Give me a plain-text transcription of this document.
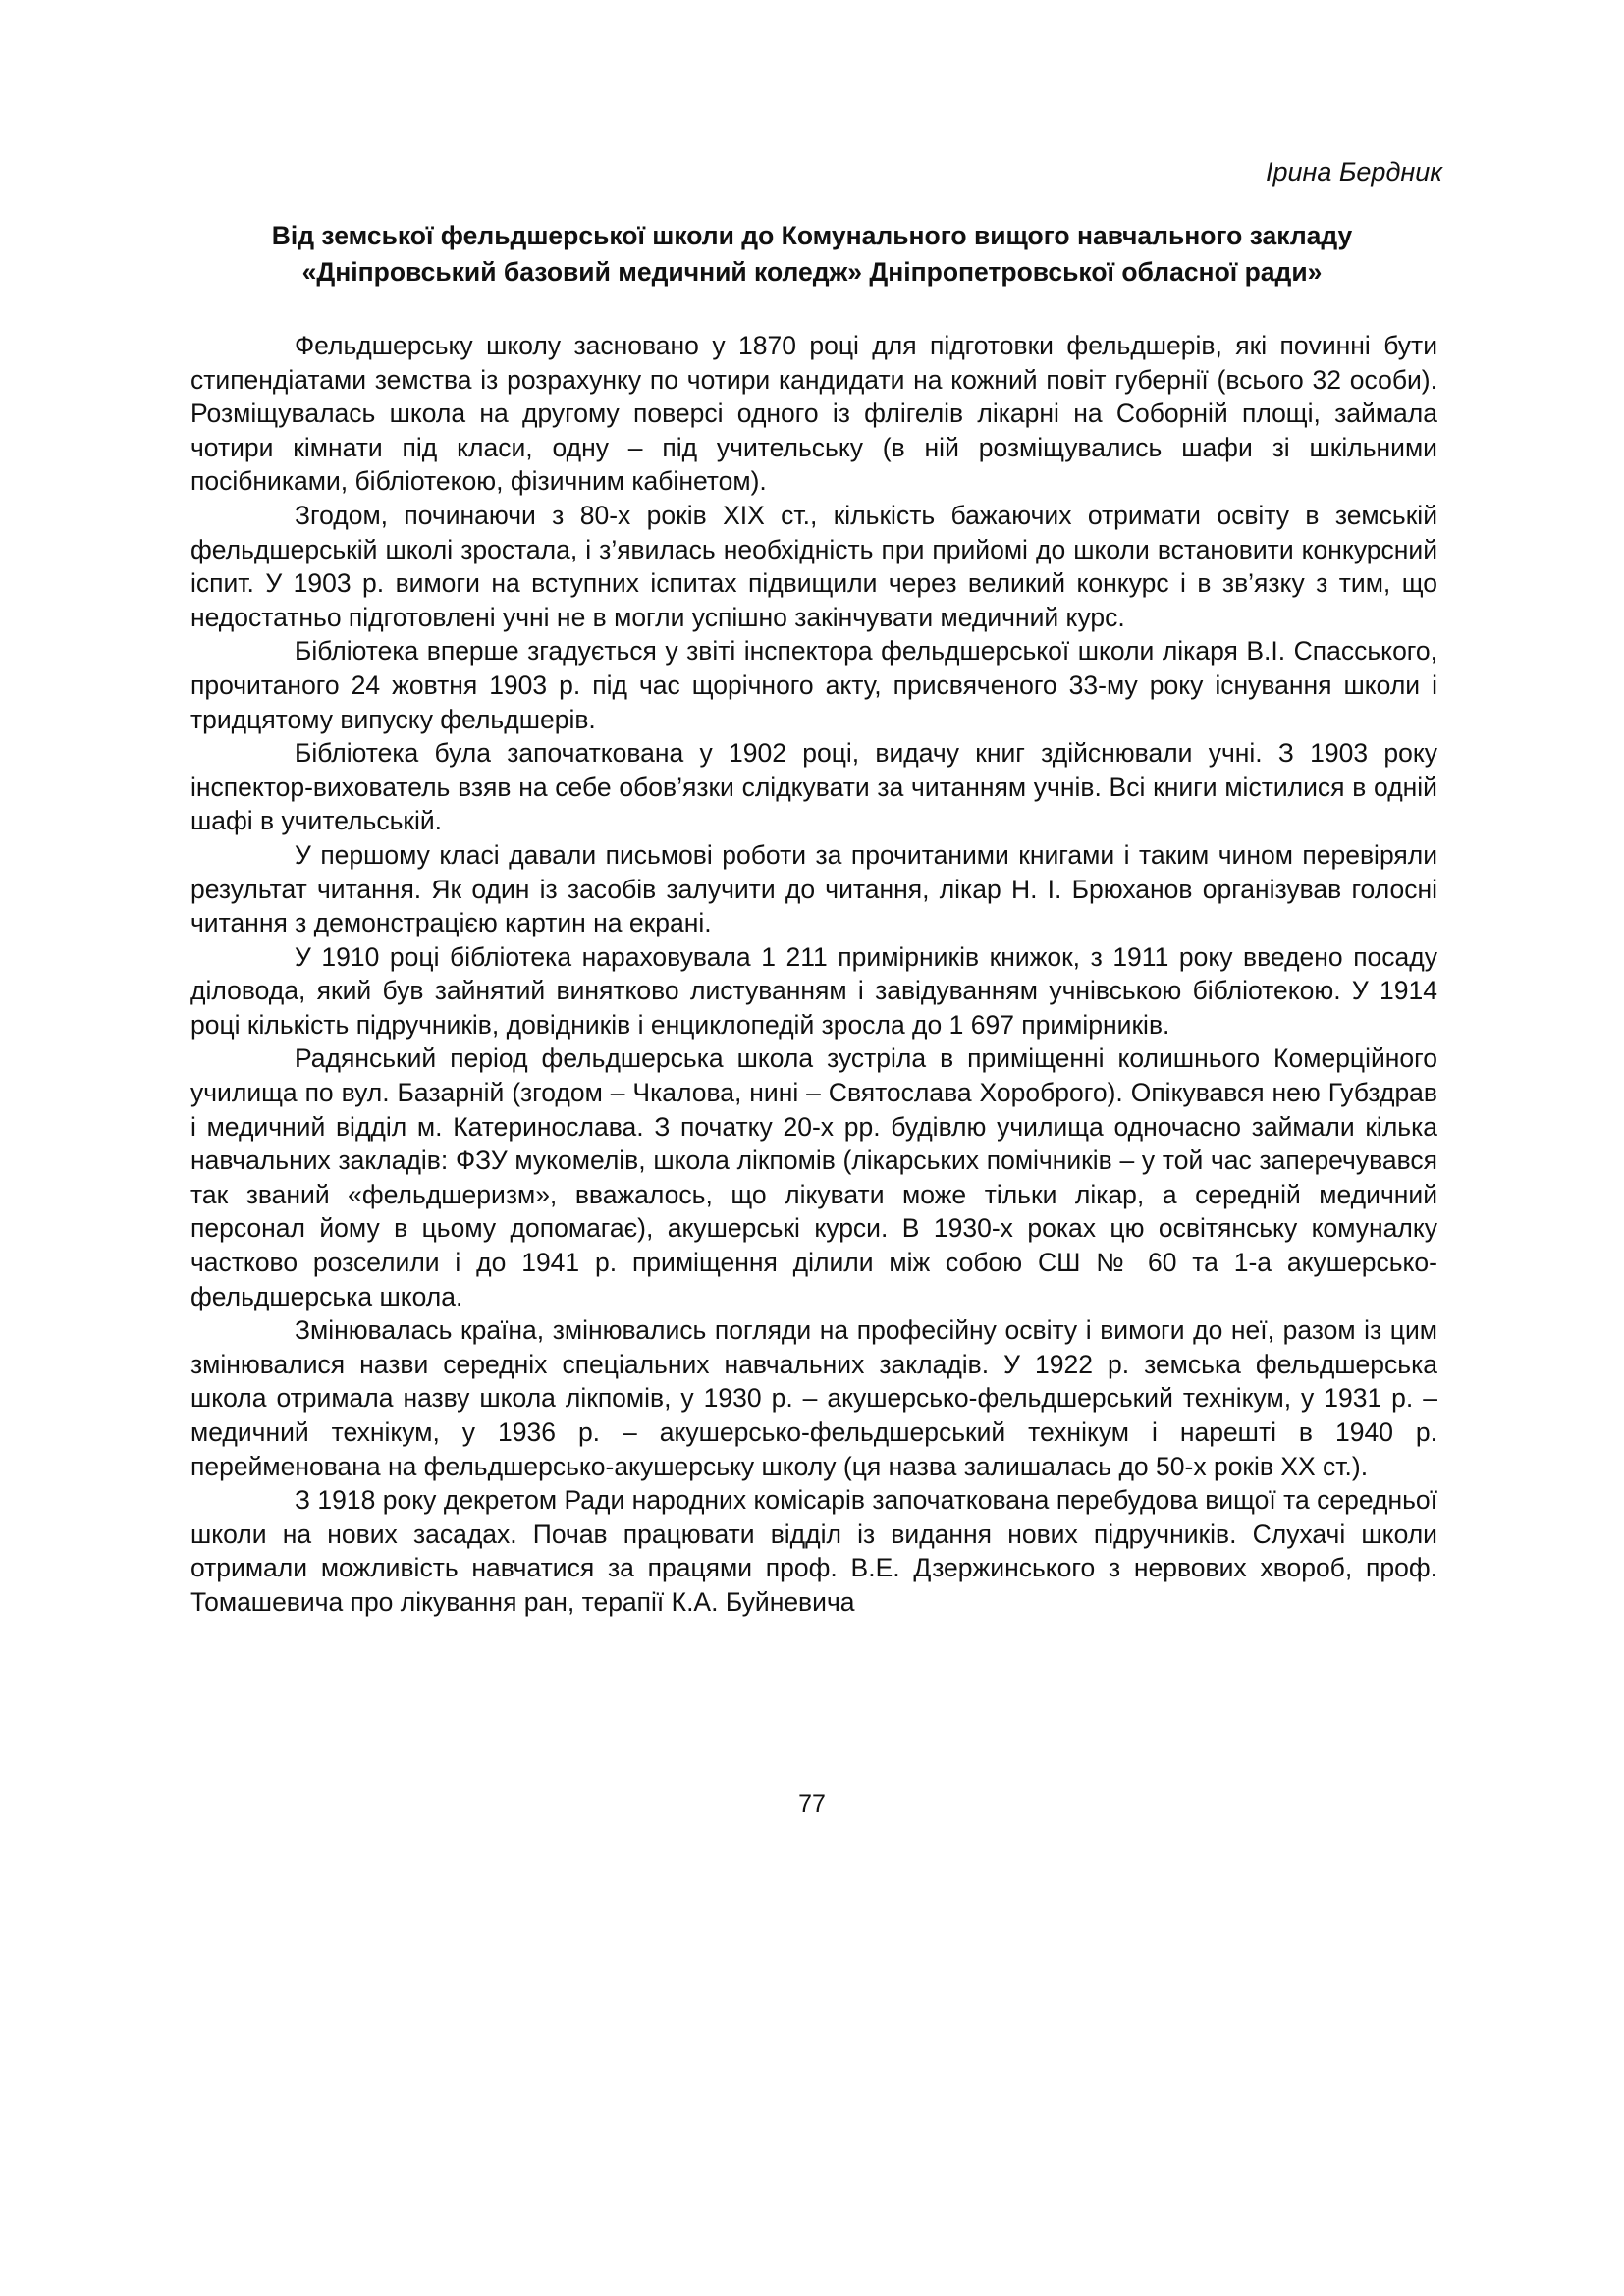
Ірина Бердник
Від земської фельдшерської школи до Комунального вищого навчального закладу
«Дніпровський базовий медичний коледж» Дніпропетровської обласної ради»

Фельдшерську школу засновано у 1870 році для підготовки фельдшерів, які поvинні бути стипендіатами земства із розрахунку по чотири кандидати на кожний повіт губернії (всього 32 особи). Розміщувалась школа на другому поверсі одного із флігелів лікарні на Соборній площі, займала чотири кімнати під класи, одну – під учительську (в ній розміщувались шафи зі шкільними посібниками, бібліотекою, фізичним кабінетом).

Згодом, починаючи з 80-х років XIX ст., кількість бажаючих отримати освіту в земській фельдшерській школі зростала, і з’явилась необхідність при прийомі до школи встановити конкурсний іспит. У 1903 р. вимоги на вступних іспитах підвищили через великий конкурс і в зв’язку з тим, що недостатньо підготовлені учні не в могли успішно закінчувати медичний курс.

Бібліотека вперше згадується у звіті інспектора фельдшерської школи лікаря В.І. Спасського, прочитаного 24 жовтня 1903 р. під час щорічного акту, присвяченого 33-му року існування школи і тридцятому випуску фельдшерів.

Бібліотека була започаткована у 1902 році, видачу книг здійснювали учні. З 1903 року інспектор-вихователь взяв на себе обов’язки слідкувати за читанням учнів. Всі книги містилися в одній шафі в учительській.

У першому класі давали письмові роботи за прочитаними книгами і таким чином перевіряли результат читання. Як один із засобів залучити до читання, лікар Н. І. Брюханов організував голосні читання з демонстрацією картин на екрані.

У 1910 році бібліотека нараховувала 1 211 примірників книжок, з 1911 року введено посаду діловода, який був зайнятий винятково листуванням і завідуванням учнівською бібліотекою. У 1914 році кількість підручників, довідників і енциклопедій зросла до 1 697 примірників.

Радянський період фельдшерська школа зустріла в приміщенні колишнього Комерційного училища по вул. Базарній (згодом – Чкалова, нині – Святослава Хороброго). Опікувався нею Губздрав і медичний відділ м. Катеринослава. З початку 20-х рр. будівлю училища одночасно займали кілька навчальних закладів: ФЗУ мукомелів, школа лікпомів (лікарських помічників – у той час заперечувався так званий «фельдшеризм», вважалось, що лікувати може тільки лікар, а середній медичний персонал йому в цьому допомагає), акушерські курси. В 1930-х роках цю освітянську комуналку частково розселили і до 1941 р. приміщення ділили між собою СШ № 60 та 1-а акушерсько-фельдшерська школа.

Змінювалась країна, змінювались погляди на професійну освіту і вимоги до неї, разом із цим змінювалися назви середніх спеціальних навчальних закладів. У 1922 р. земська фельдшерська школа отримала назву школа лікпомів, у 1930 р. – акушерсько-фельдшерський технікум, у 1931 р. – медичний технікум, у 1936 р. – акушерсько-фельдшерський технікум і нарешті в 1940 р. перейменована на фельдшерсько-акушерську школу (ця назва залишалась до 50-х років XX ст.).

З 1918 року декретом Ради народних комісарів започаткована перебудова вищої та середньої школи на нових засадах. Почав працювати відділ із видання нових підручників. Слухачі школи отримали можливість навчатися за працями проф. В.Е. Дзержинського з нервових хвороб, проф. Томашевича про лікування ран, терапії К.А. Буйневича

77
